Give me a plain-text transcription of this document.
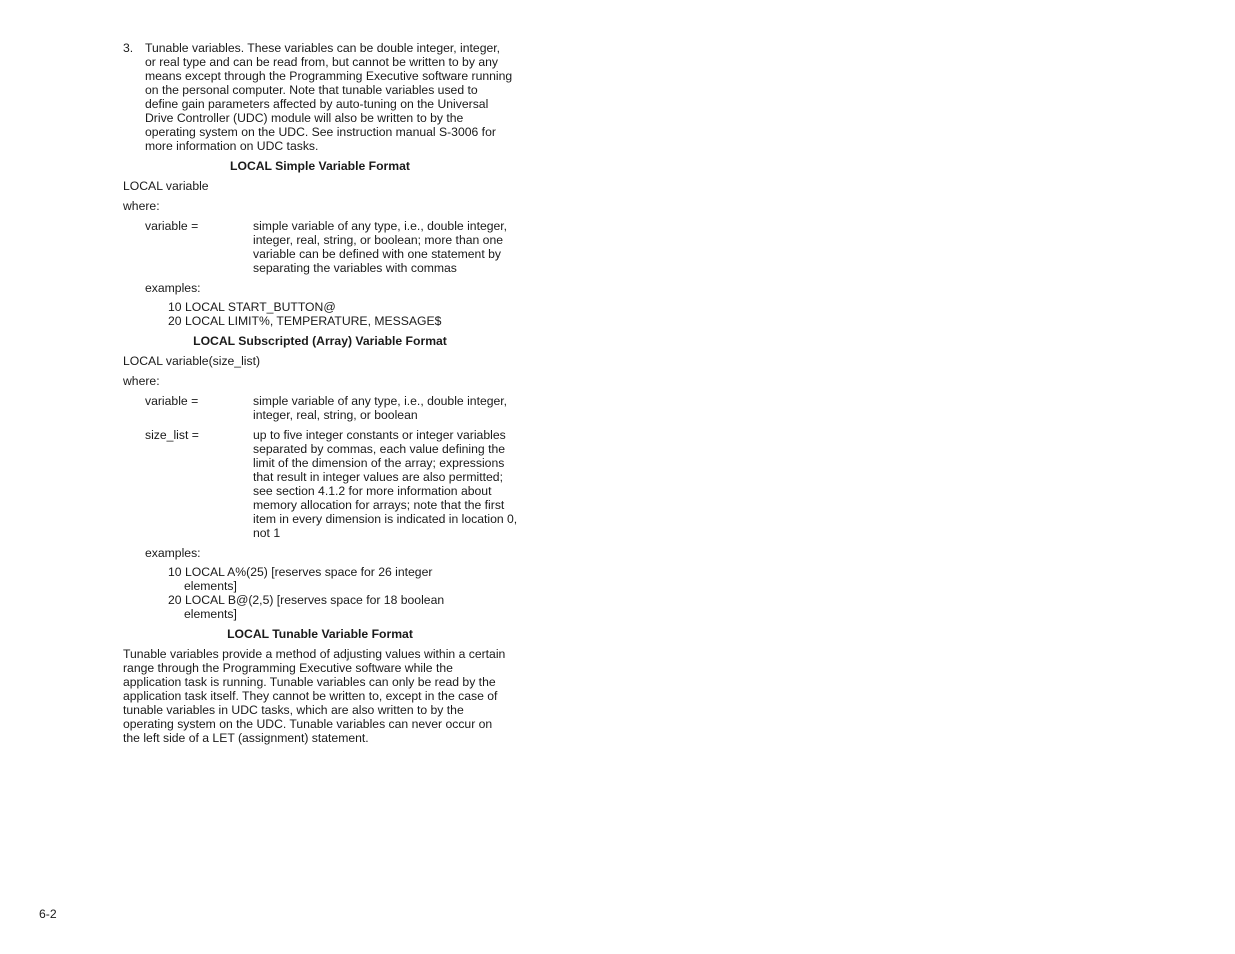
3. Tunable variables. These variables can be double integer, integer, or real type and can be read from, but cannot be written to by any means except through the Programming Executive software running on the personal computer. Note that tunable variables used to define gain parameters affected by auto-tuning on the Universal Drive Controller (UDC) module will also be written to by the operating system on the UDC. See instruction manual S-3006 for more information on UDC tasks.
LOCAL Simple Variable Format
LOCAL variable
where:
variable =	simple variable of any type, i.e., double integer, integer, real, string, or boolean; more than one variable can be defined with one statement by separating the variables with commas
examples:
10 LOCAL START_BUTTON@
20 LOCAL LIMIT%, TEMPERATURE, MESSAGE$
LOCAL Subscripted (Array) Variable Format
LOCAL variable(size_list)
where:
variable =	simple variable of any type, i.e., double integer, integer, real, string, or boolean
size_list =	up to five integer constants or integer variables separated by commas, each value defining the limit of the dimension of the array; expressions that result in integer values are also permitted; see section 4.1.2 for more information about memory allocation for arrays; note that the first item in every dimension is indicated in location 0, not 1
examples:
10 LOCAL A%(25) [reserves space for 26 integer elements]
20 LOCAL B@(2,5) [reserves space for 18 boolean elements]
LOCAL Tunable Variable Format
Tunable variables provide a method of adjusting values within a certain range through the Programming Executive software while the application task is running. Tunable variables can only be read by the application task itself. They cannot be written to, except in the case of tunable variables in UDC tasks, which are also written to by the operating system on the UDC. Tunable variables can never occur on the left side of a LET (assignment) statement.
6-2
